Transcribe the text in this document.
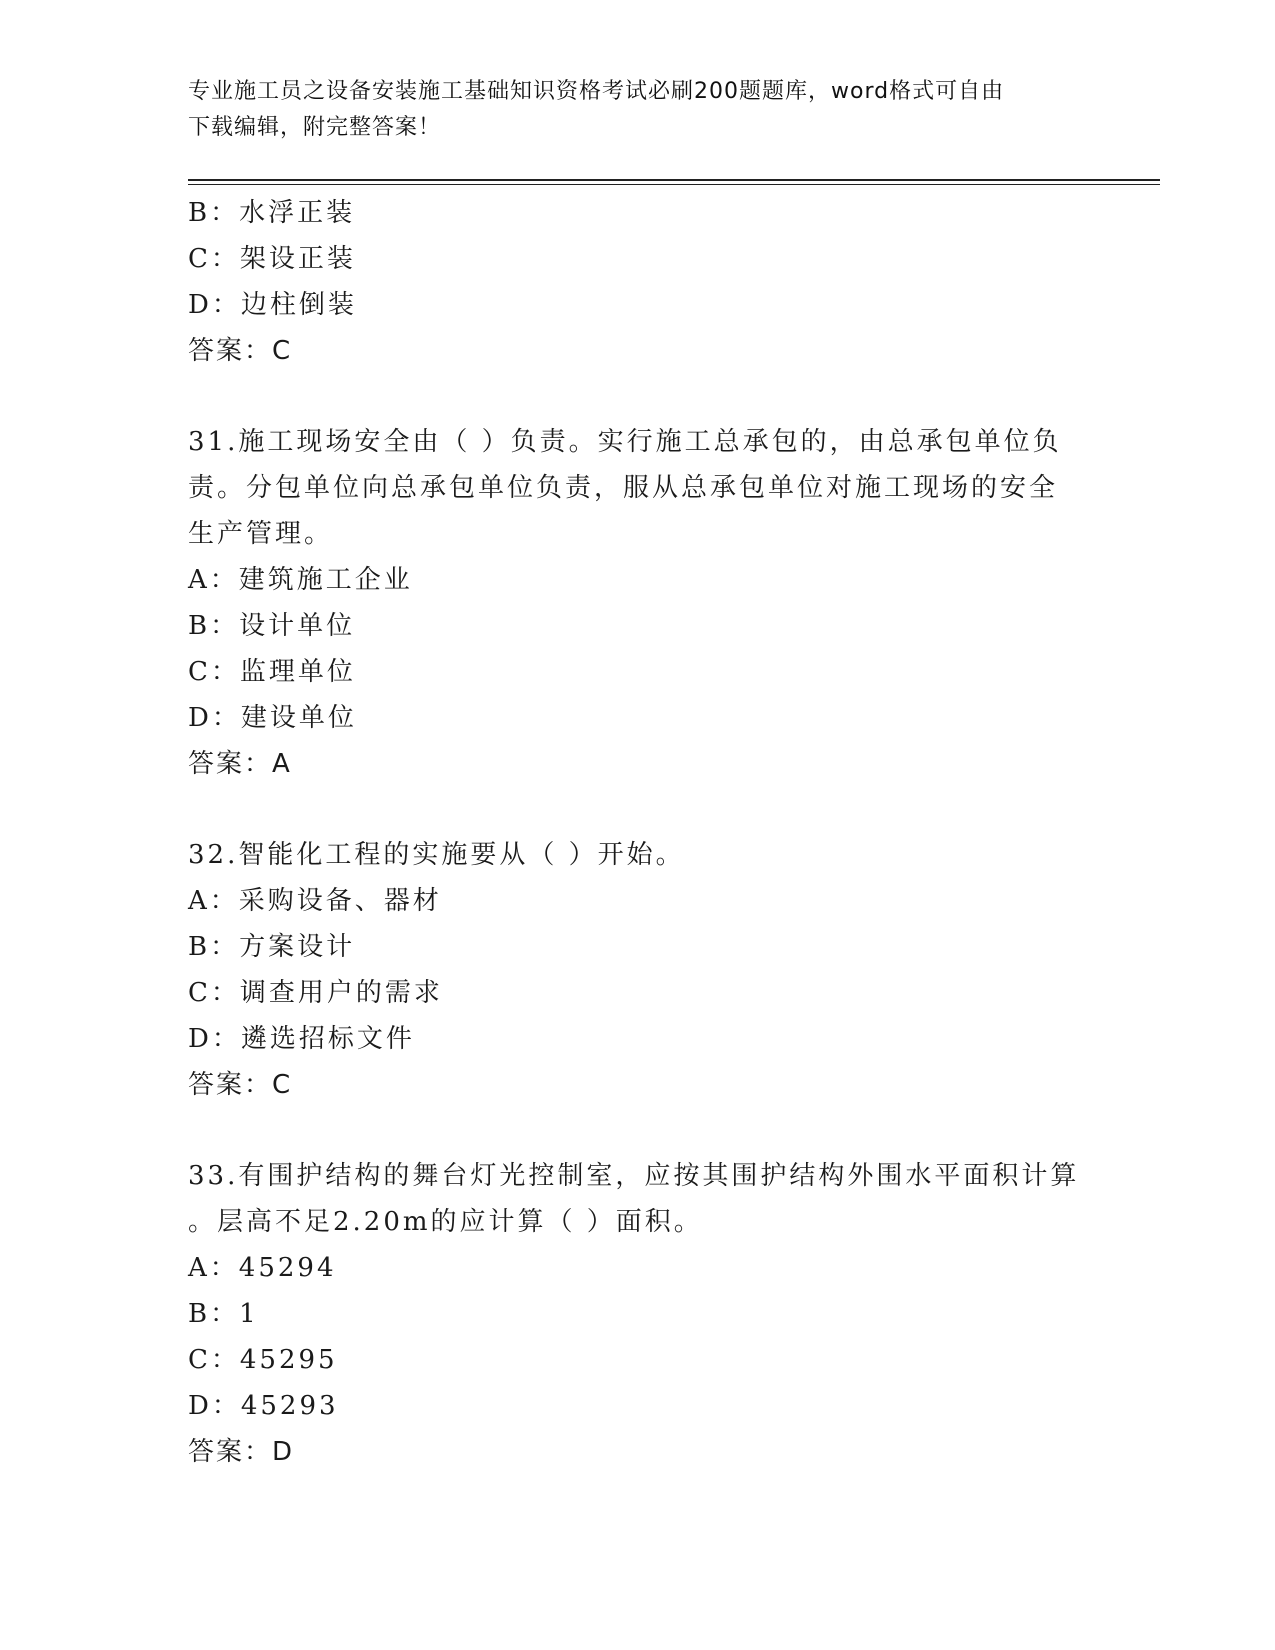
专业施工员之设备安装施工基础知识资格考试必刷200题题库，word格式可自由
下载编辑，附完整答案！
B：水浮正装
C：架设正装
D：边柱倒装
答案：C
31.施工现场安全由（ ）负责。实行施工总承包的，由总承包单位负
责。分包单位向总承包单位负责，服从总承包单位对施工现场的安全
生产管理。
A：建筑施工企业
B：设计单位
C：监理单位
D：建设单位
答案：A
32.智能化工程的实施要从（ ）开始。
A：采购设备、器材
B：方案设计
C：调查用户的需求
D：遴选招标文件
答案：C
33.有围护结构的舞台灯光控制室，应按其围护结构外围水平面积计算
。层高不足2.20m的应计算（ ）面积。
A：45294
B：1
C：45295
D：45293
答案：D
